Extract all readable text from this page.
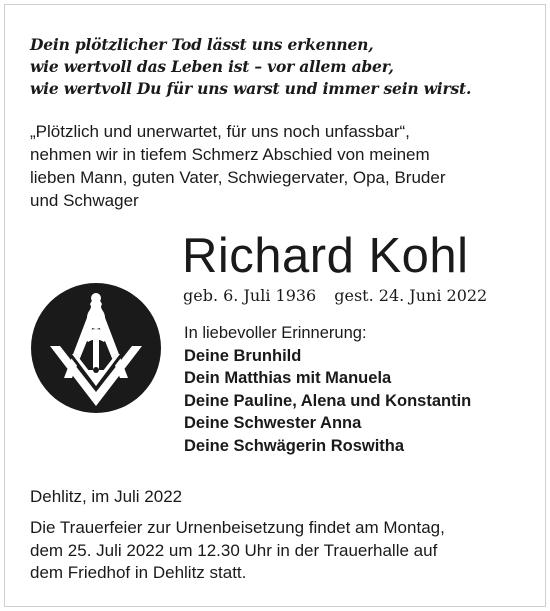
Dein plötzlicher Tod lässt uns erkennen,
wie wertvoll das Leben ist – vor allem aber,
wie wertvoll Du für uns warst und immer sein wirst.
„Plötzlich und unerwartet, für uns noch unfassbar“,
nehmen wir in tiefem Schmerz Abschied von meinem
lieben Mann, guten Vater, Schwiegervater, Opa, Bruder
und Schwager
Richard Kohl
geb. 6. Juli 1936 gest. 24. Juni 2022
In liebevoller Erinnerung:
Deine Brunhild
Dein Matthias mit Manuela
Deine Pauline, Alena und Konstantin
Deine Schwester Anna
Deine Schwägerin Roswitha
Dehlitz, im Juli 2022
Die Trauerfeier zur Urnenbeisetzung findet am Montag,
dem 25. Juli 2022 um 12.30 Uhr in der Trauerhalle auf
dem Friedhof in Dehlitz statt.
